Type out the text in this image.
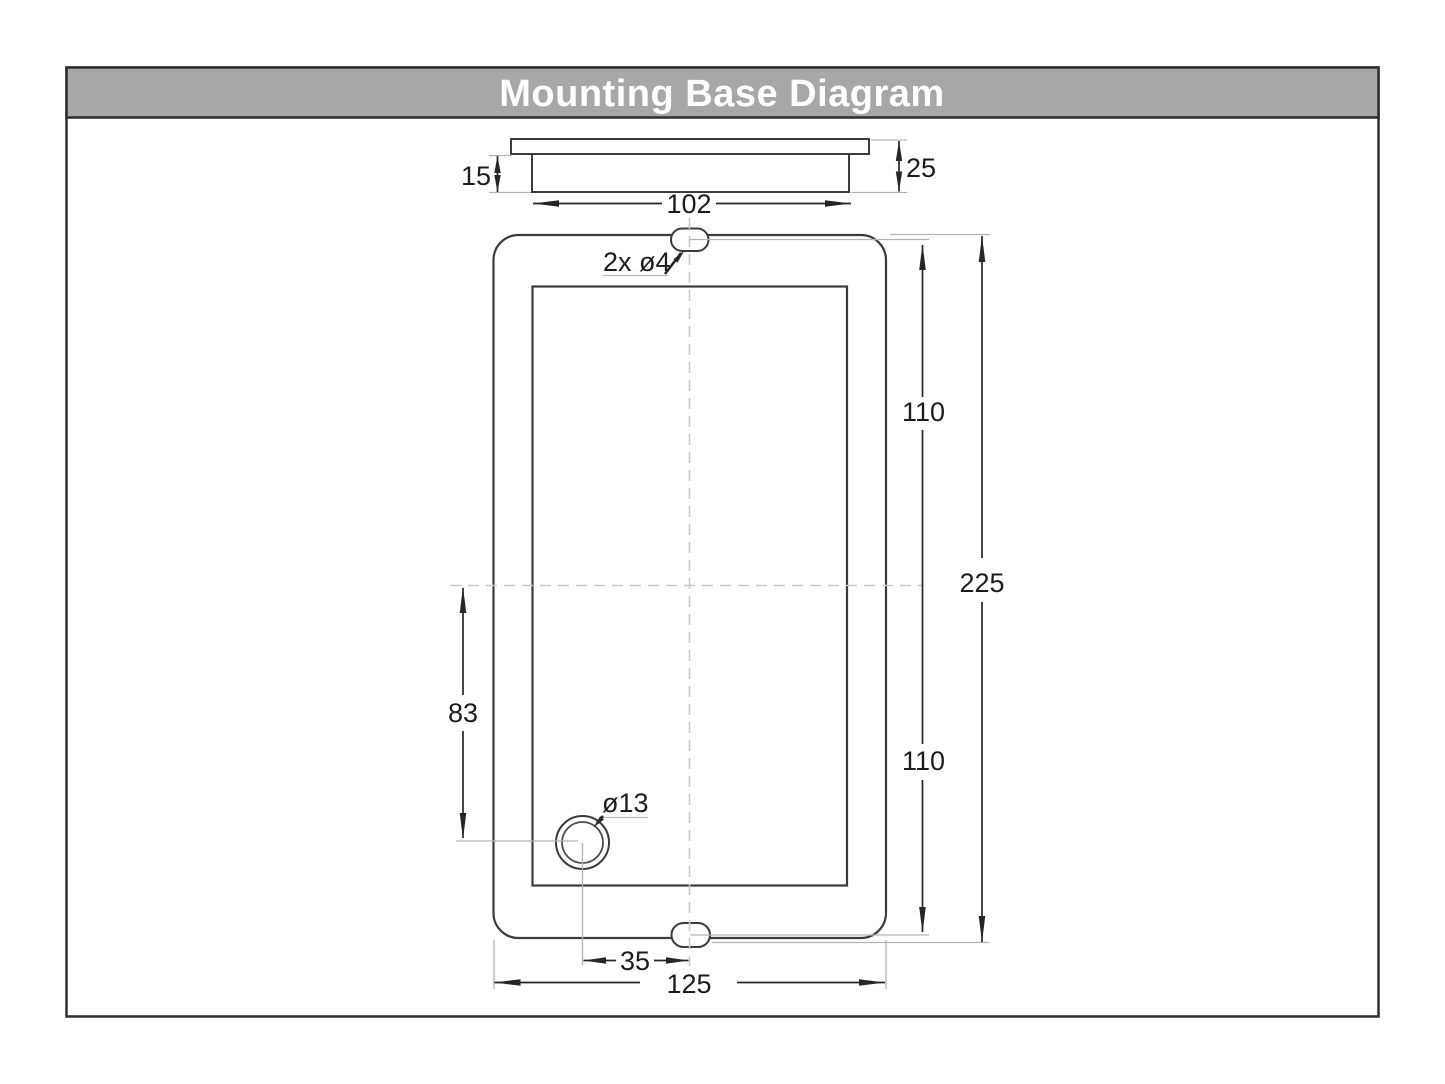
Mounting Base Diagram
15	25
102
110
110
225
83
35
125
2x ø4
ø13
